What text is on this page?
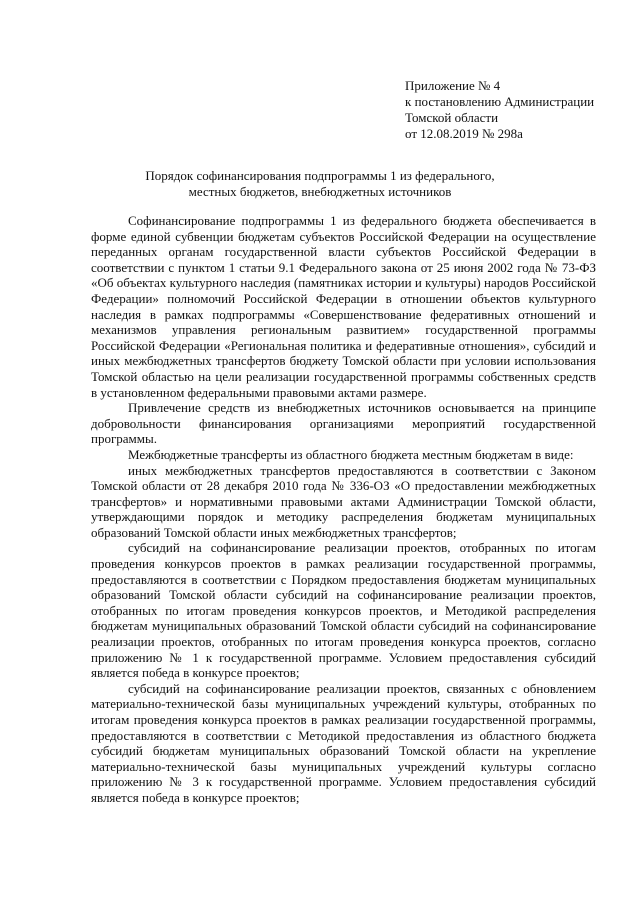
Приложение № 4
к постановлению Администрации
Томской области
от 12.08.2019 № 298а
Порядок софинансирования подпрограммы 1 из федерального,
местных бюджетов, внебюджетных источников

Софинансирование подпрограммы 1 из федерального бюджета обеспечивается в форме единой субвенции бюджетам субъектов Российской Федерации на осуществление переданных органам государственной власти субъектов Российской Федерации в соответствии с пунктом 1 статьи 9.1 Федерального закона от 25 июня 2002 года № 73-ФЗ «Об объектах культурного наследия (памятниках истории и культуры) народов Российской Федерации» полномочий Российской Федерации в отношении объектов культурного наследия в рамках подпрограммы «Совершенствование федеративных отношений и механизмов управления региональным развитием» государственной программы Российской Федерации «Региональная политика и федеративные отношения», субсидий и иных межбюджетных трансфертов бюджету Томской области при условии использования Томской областью на цели реализации государственной программы собственных средств в установленном федеральными правовыми актами размере.

Привлечение средств из внебюджетных источников основывается на принципе добровольности финансирования организациями мероприятий государственной программы.

Межбюджетные трансферты из областного бюджета местным бюджетам в виде:

иных межбюджетных трансфертов предоставляются в соответствии с Законом Томской области от 28 декабря 2010 года № 336-ОЗ «О предоставлении межбюджетных трансфертов» и нормативными правовыми актами Администрации Томской области, утверждающими порядок и методику распределения бюджетам муниципальных образований Томской области иных межбюджетных трансфертов;

субсидий на софинансирование реализации проектов, отобранных по итогам проведения конкурсов проектов в рамках реализации государственной программы, предоставляются в соответствии с Порядком предоставления бюджетам муниципальных образований Томской области субсидий на софинансирование реализации проектов, отобранных по итогам проведения конкурсов проектов, и Методикой распределения бюджетам муниципальных образований Томской области субсидий на софинансирование реализации проектов, отобранных по итогам проведения конкурса проектов, согласно приложению № 1 к государственной программе. Условием предоставления субсидий является победа в конкурсе проектов;

субсидий на софинансирование реализации проектов, связанных с обновлением материально-технической базы муниципальных учреждений культуры, отобранных по итогам проведения конкурса проектов в рамках реализации государственной программы, предоставляются в соответствии с Методикой предоставления из областного бюджета субсидий бюджетам муниципальных образований Томской области на укрепление материально-технической базы муниципальных учреждений культуры согласно приложению № 3 к государственной программе. Условием предоставления субсидий является победа в конкурсе проектов;
